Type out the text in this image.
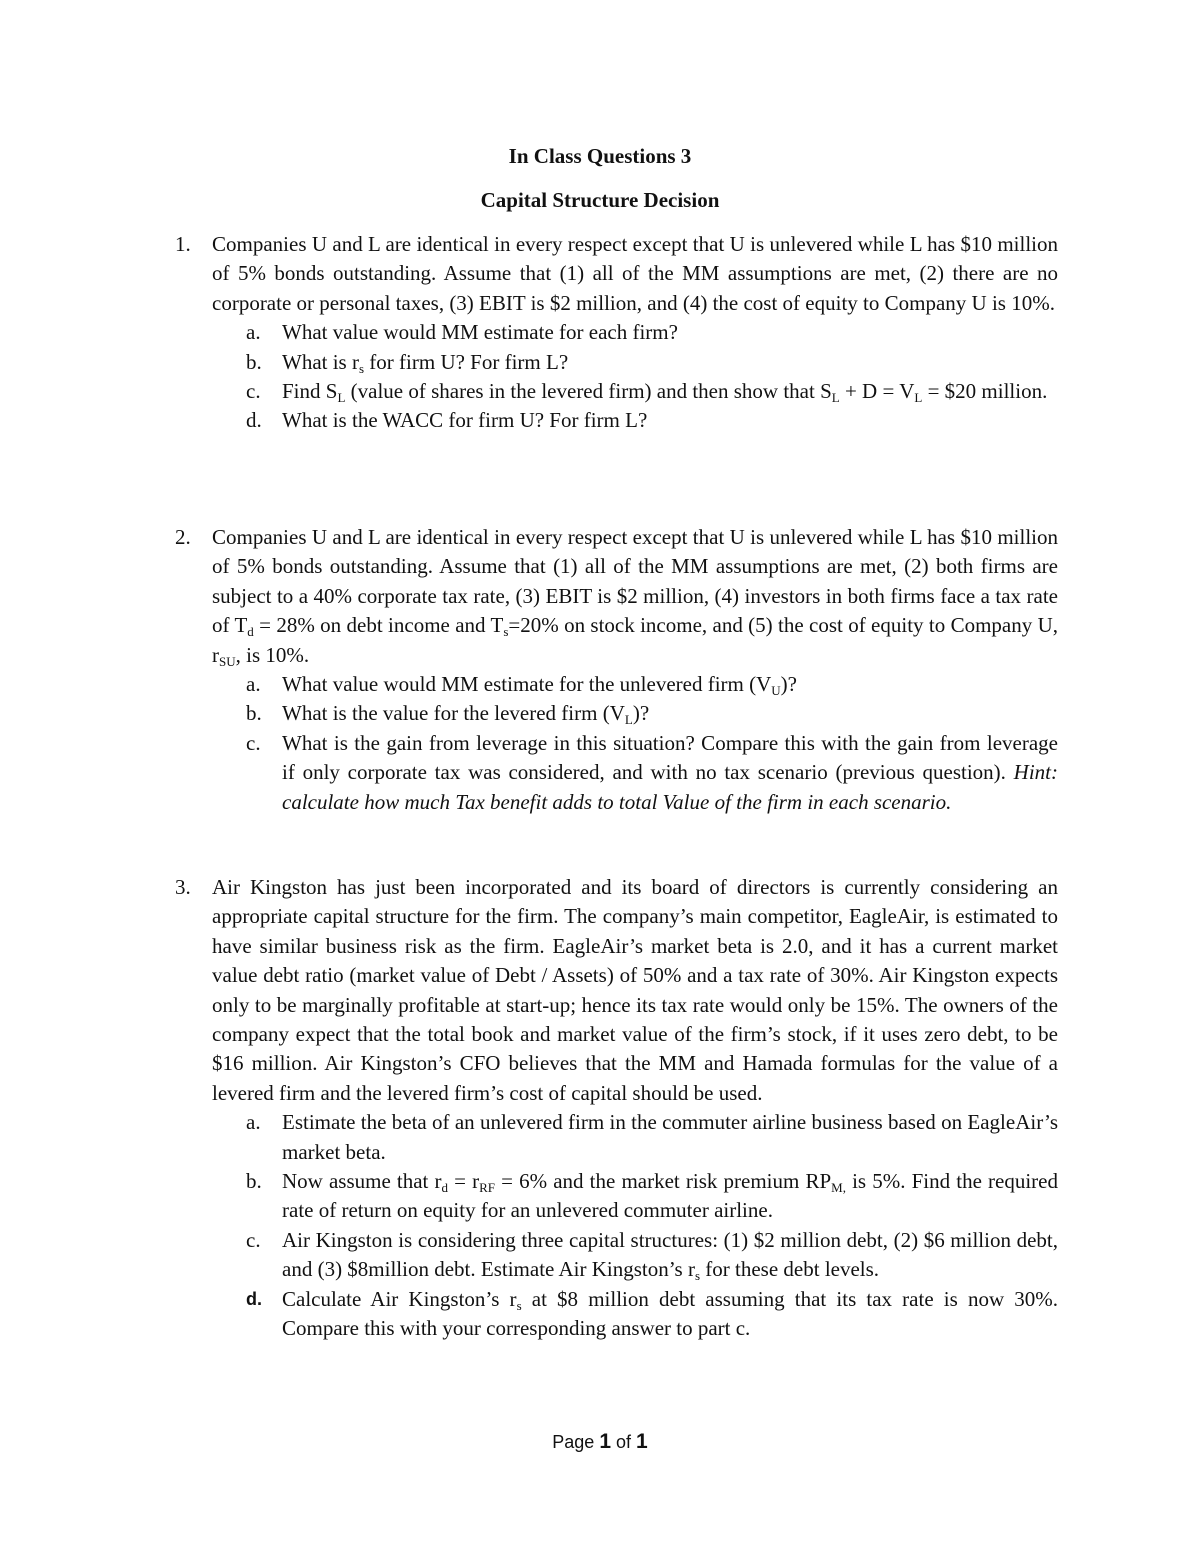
In Class Questions 3
Capital Structure Decision
1. Companies U and L are identical in every respect except that U is unlevered while L has $10 million of 5% bonds outstanding. Assume that (1) all of the MM assumptions are met, (2) there are no corporate or personal taxes, (3) EBIT is $2 million, and (4) the cost of equity to Company U is 10%.
a. What value would MM estimate for each firm?
b. What is $r_s$ for firm U? For firm L?
c. Find $S_L$ (value of shares in the levered firm) and then show that $S_L + D = V_L$ = $20 million.
d. What is the WACC for firm U? For firm L?
2. Companies U and L are identical in every respect except that U is unlevered while L has $10 million of 5% bonds outstanding. Assume that (1) all of the MM assumptions are met, (2) both firms are subject to a 40% corporate tax rate, (3) EBIT is $2 million, (4) investors in both firms face a tax rate of $T_d = 28\%$ on debt income and $T_s=20\%$ on stock income, and (5) the cost of equity to Company U, $r_{SU}$, is 10%.
a. What value would MM estimate for the unlevered firm $(V_U)$?
b. What is the value for the levered firm $(V_L)$?
c. What is the gain from leverage in this situation? Compare this with the gain from leverage if only corporate tax was considered, and with no tax scenario (previous question). Hint: calculate how much Tax benefit adds to total Value of the firm in each scenario.
3. Air Kingston has just been incorporated and its board of directors is currently considering an appropriate capital structure for the firm. The company’s main competitor, EagleAir, is estimated to have similar business risk as the firm. EagleAir’s market beta is 2.0, and it has a current market value debt ratio (market value of Debt / Assets) of 50% and a tax rate of 30%. Air Kingston expects only to be marginally profitable at start-up; hence its tax rate would only be 15%. The owners of the company expect that the total book and market value of the firm’s stock, if it uses zero debt, to be $16 million. Air Kingston’s CFO believes that the MM and Hamada formulas for the value of a levered firm and the levered firm’s cost of capital should be used.
a. Estimate the beta of an unlevered firm in the commuter airline business based on EagleAir’s market beta.
b. Now assume that $r_d = r_{RF} = 6\%$ and the market risk premium $RP_{M,}$ is 5%. Find the required rate of return on equity for an unlevered commuter airline.
c. Air Kingston is considering three capital structures: (1) $2 million debt, (2) $6 million debt, and (3) $8million debt. Estimate Air Kingston’s $r_s$ for these debt levels.
d. Calculate Air Kingston’s $r_s$ at $8 million debt assuming that its tax rate is now 30%. Compare this with your corresponding answer to part c.
Page 1 of 1
